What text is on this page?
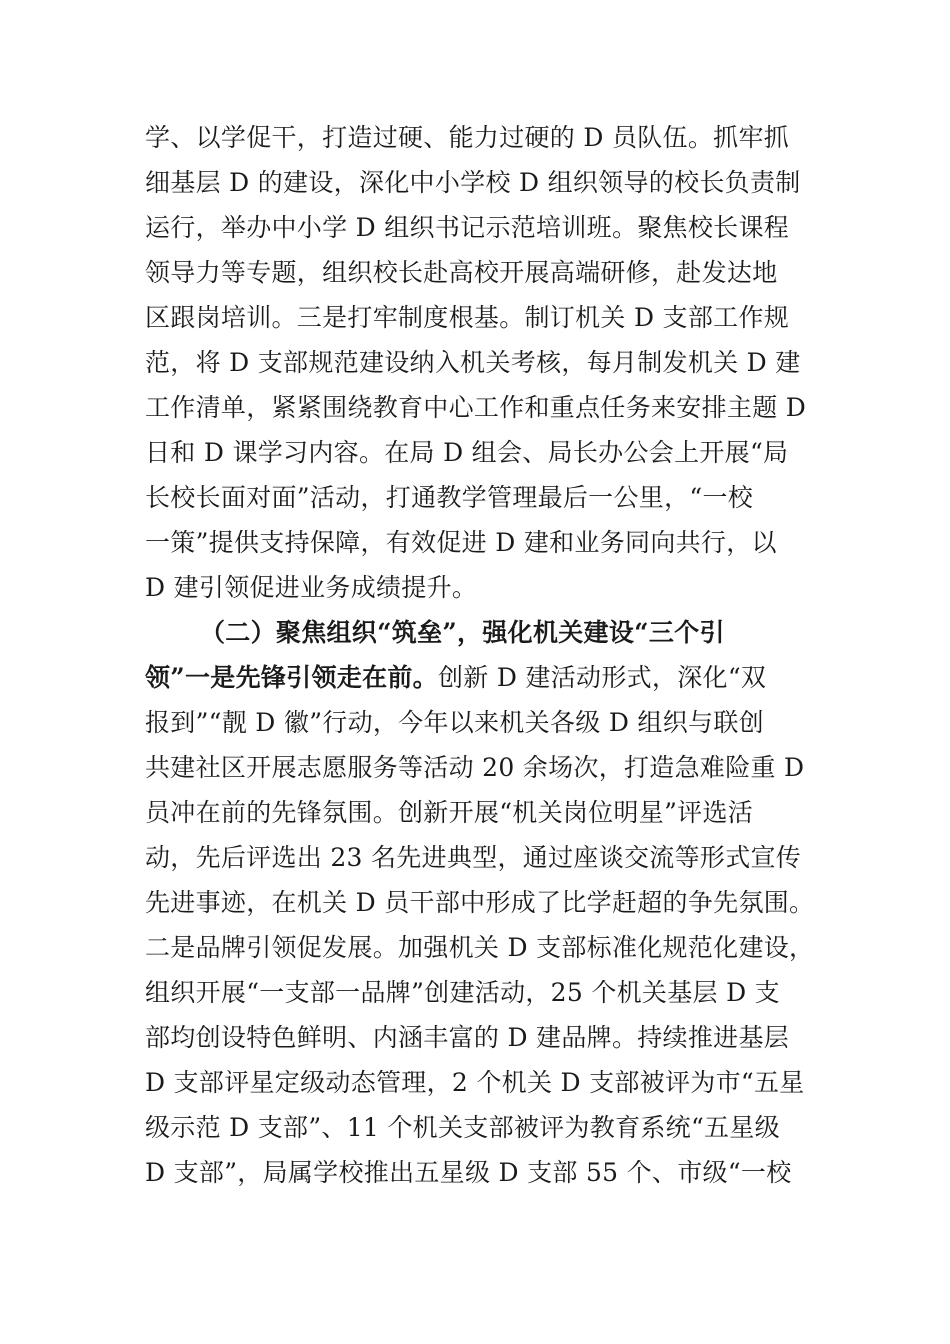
学、以学促干，打造过硬、能力过硬的 D 员队伍。抓牢抓
细基层 D 的建设，深化中小学校 D 组织领导的校长负责制
运行，举办中小学 D 组织书记示范培训班。聚焦校长课程
领导力等专题，组织校长赴高校开展高端研修，赴发达地
区跟岗培训。三是打牢制度根基。制订机关 D 支部工作规
范，将 D 支部规范建设纳入机关考核，每月制发机关 D 建
工作清单，紧紧围绕教育中心工作和重点任务来安排主题 D
日和 D 课学习内容。在局 D 组会、局长办公会上开展“局
长校长面对面”活动，打通教学管理最后一公里，“一校
一策”提供支持保障，有效促进 D 建和业务同向共行，以
D 建引领促进业务成绩提升。
（二）聚焦组织“筑垒”，强化机关建设“三个引
领”一是先锋引领走在前。创新 D 建活动形式，深化“双
报到”“靓 D 徽”行动，今年以来机关各级 D 组织与联创
共建社区开展志愿服务等活动 20 余场次，打造急难险重 D
员冲在前的先锋氛围。创新开展“机关岗位明星”评选活
动，先后评选出 23 名先进典型，通过座谈交流等形式宣传
先进事迹，在机关 D 员干部中形成了比学赶超的争先氛围。
二是品牌引领促发展。加强机关 D 支部标准化规范化建设，
组织开展“一支部一品牌”创建活动，25 个机关基层 D 支
部均创设特色鲜明、内涵丰富的 D 建品牌。持续推进基层
D 支部评星定级动态管理，2 个机关 D 支部被评为市“五星
级示范 D 支部”、11 个机关支部被评为教育系统“五星级
D 支部”，局属学校推出五星级 D 支部 55 个、市级“一校
